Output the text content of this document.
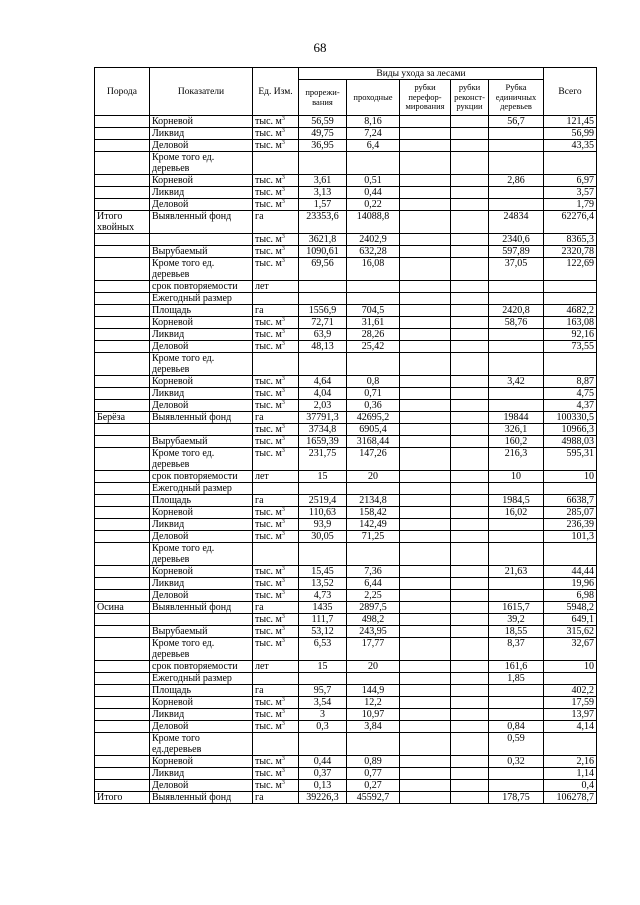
68
Порода	Показатели	Ед. Изм.	Виды ухода за лесами					Всего
			прорежи-вания	проходные	рубки перефор-мирования	рубки реконст-рукции	Рубка единичных деревьев	
	Корневой	тыс. $м^3$	56,59	8,16			56,7	121,45
	Ликвид	тыс. $м^3$	49,75	7,24				56,99
	Деловой	тыс. $м^3$	36,95	6,4				43,35
	Кроме того ед. деревьев							
	Корневой	тыс. $м^3$	3,61	0,51			2,86	6,97
	Ликвид	тыс. $м^3$	3,13	0,44				3,57
	Деловой	тыс. $м^3$	1,57	0,22				1,79
Итого хвойных	Выявленный фонд	га	23353,6	14088,8			24834	62276,4
		тыс. $м^3$	3621,8	2402,9			2340,6	8365,3
	Вырубаемый	тыс. $м^3$	1090,61	632,28			597,89	2320,78
	Кроме того ед. деревьев	тыс. $м^3$	69,56	16,08			37,05	122,69
	срок повторяемости	лет						
	Ежегодный размер							
	Площадь	га	1556,9	704,5			2420,8	4682,2
	Корневой	тыс. $м^3$	72,71	31,61			58,76	163,08
	Ликвид	тыс. $м^3$	63,9	28,26				92,16
	Деловой	тыс. $м^3$	48,13	25,42				73,55
	Кроме того ед. деревьев							
	Корневой	тыс. $м^3$	4,64	0,8			3,42	8,87
	Ликвид	тыс. $м^3$	4,04	0,71				4,75
	Деловой	тыс. $м^3$	2,03	0,36				4,37
Берёза	Выявленный фонд	га	37791,3	42695,2			19844	100330,5
		тыс. $м^3$	3734,8	6905,4			326,1	10966,3
	Вырубаемый	тыс. $м^3$	1659,39	3168,44			160,2	4988,03
	Кроме того ед. деревьев	тыс. $м^3$	231,75	147,26			216,3	595,31
	срок повторяемости	лет	15	20			10	10
	Ежегодный размер							
	Площадь	га	2519,4	2134,8			1984,5	6638,7
	Корневой	тыс. $м^3$	110,63	158,42			16,02	285,07
	Ликвид	тыс. $м^3$	93,9	142,49				236,39
	Деловой	тыс. $м^3$	30,05	71,25				101,3
	Кроме того ед. деревьев							
	Корневой	тыс. $м^3$	15,45	7,36			21,63	44,44
	Ликвид	тыс. $м^3$	13,52	6,44				19,96
	Деловой	тыс. $м^3$	4,73	2,25				6,98
Осина	Выявленный фонд	га	1435	2897,5			1615,7	5948,2
		тыс. $м^3$	111,7	498,2			39,2	649,1
	Вырубаемый	тыс. $м^3$	53,12	243,95			18,55	315,62
	Кроме того ед. деревьев	тыс. $м^3$	6,53	17,77			8,37	32,67
	срок повторяемости	лет	15	20			161,6	10
	Ежегодный размер						1,85	
	Площадь	га	95,7	144,9				402,2
	Корневой	тыс. $м^3$	3,54	12,2				17,59
	Ликвид	тыс. $м^3$	3	10,97				13,97
	Деловой	тыс. $м^3$	0,3	3,84			0,84	4,14
	Кроме того ед.деревьев						0,59	
	Корневой	тыс. $м^3$	0,44	0,89			0,32	2,16
	Ликвид	тыс. $м^3$	0,37	0,77				1,14
	Деловой	тыс. $м^3$	0,13	0,27				0,4
Итого	Выявленный фонд	га	39226,3	45592,7			178,75	106278,7
